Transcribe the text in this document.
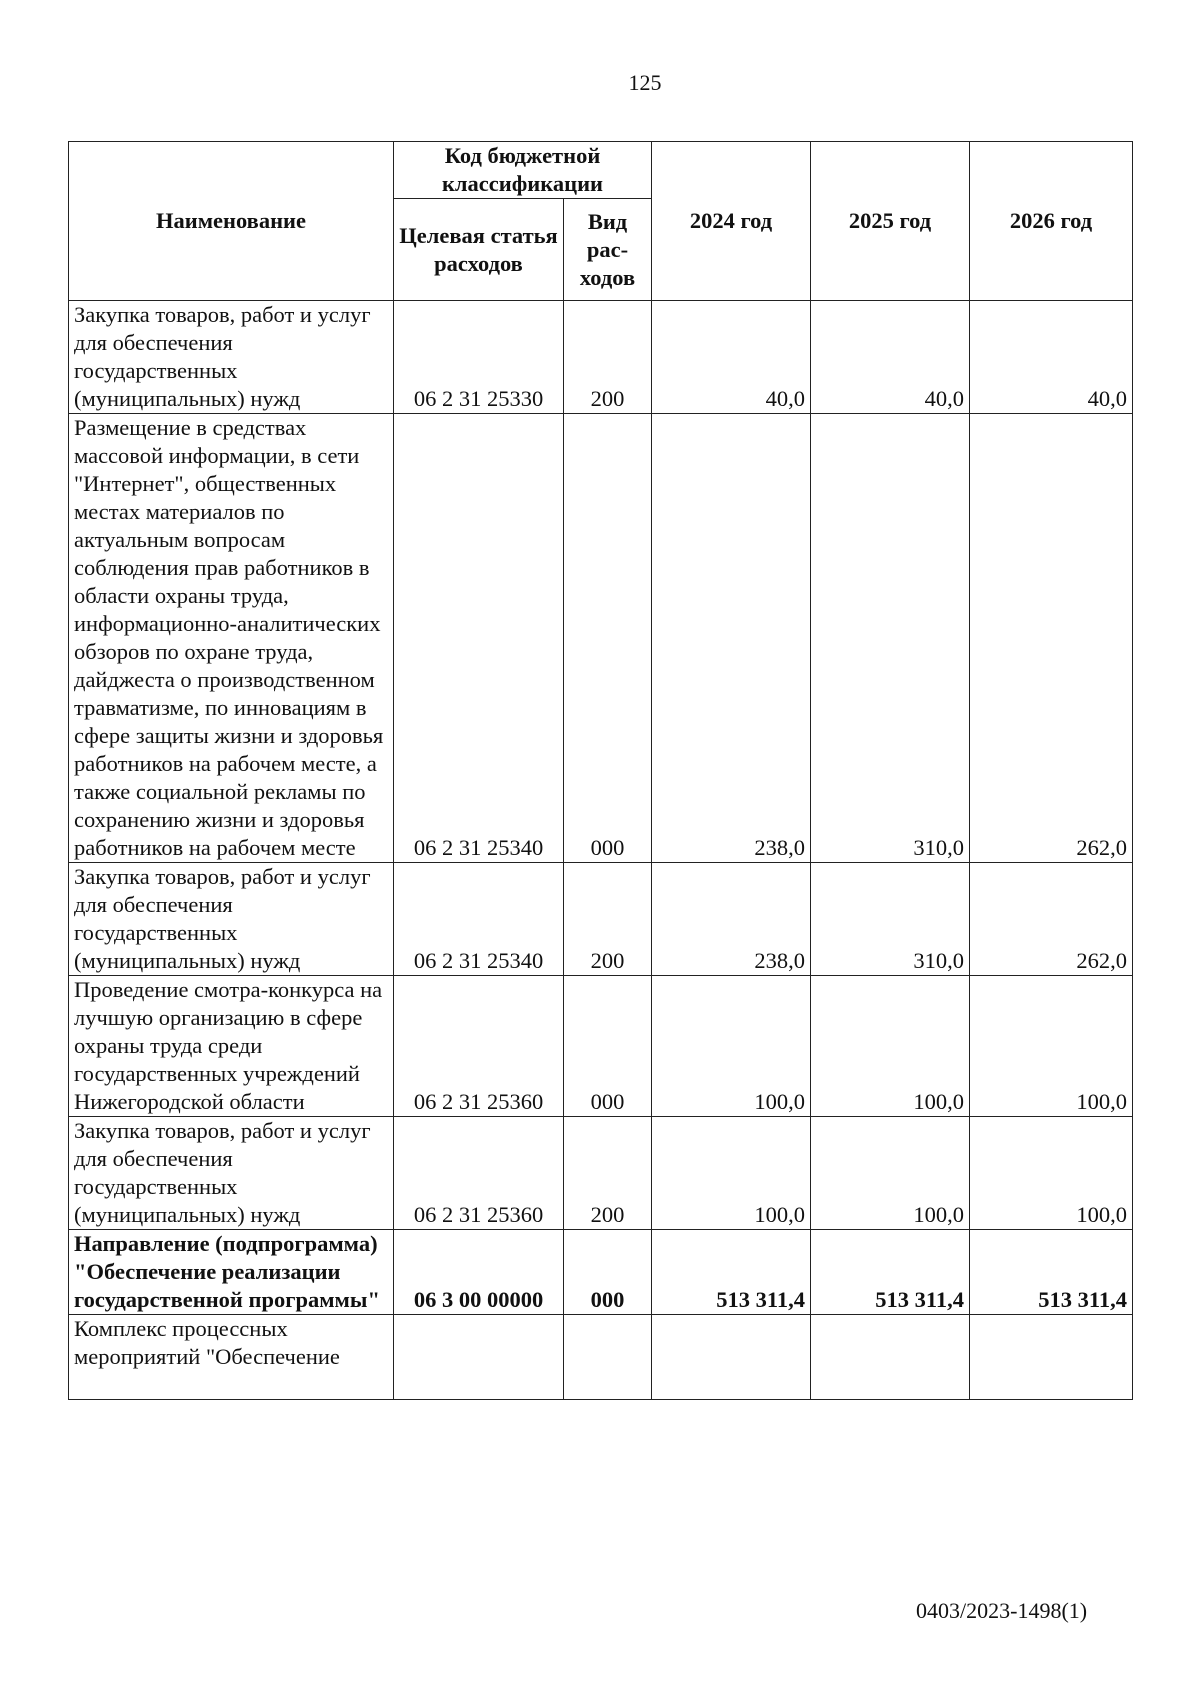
125
Наименование	Код бюджетной классификации		2024 год	2025 год	2026 год
	Целевая статья расходов	Вид рас-ходов			
Закупка товаров, работ и услуг для обеспечения государственных (муниципальных) нужд	06 2 31 25330	200	40,0	40,0	40,0
Размещение в средствах массовой информации, в сети "Интернет", общественных местах материалов по актуальным вопросам соблюдения прав работников в области охраны труда, информационно-аналитических обзоров по охране труда, дайджеста о производственном травматизме, по инновациям в сфере защиты жизни и здоровья работников на рабочем месте, а также социальной рекламы по сохранению жизни и здоровья работников на рабочем месте	06 2 31 25340	000	238,0	310,0	262,0
Закупка товаров, работ и услуг для обеспечения государственных (муниципальных) нужд	06 2 31 25340	200	238,0	310,0	262,0
Проведение смотра-конкурса на лучшую организацию в сфере охраны труда среди государственных учреждений Нижегородской области	06 2 31 25360	000	100,0	100,0	100,0
Закупка товаров, работ и услуг для обеспечения государственных (муниципальных) нужд	06 2 31 25360	200	100,0	100,0	100,0
Направление (подпрограмма) "Обеспечение реализации государственной программы"	06 3 00 00000	000	513 311,4	513 311,4	513 311,4
Комплекс процессных мероприятий "Обеспечение					
0403/2023-1498(1)
